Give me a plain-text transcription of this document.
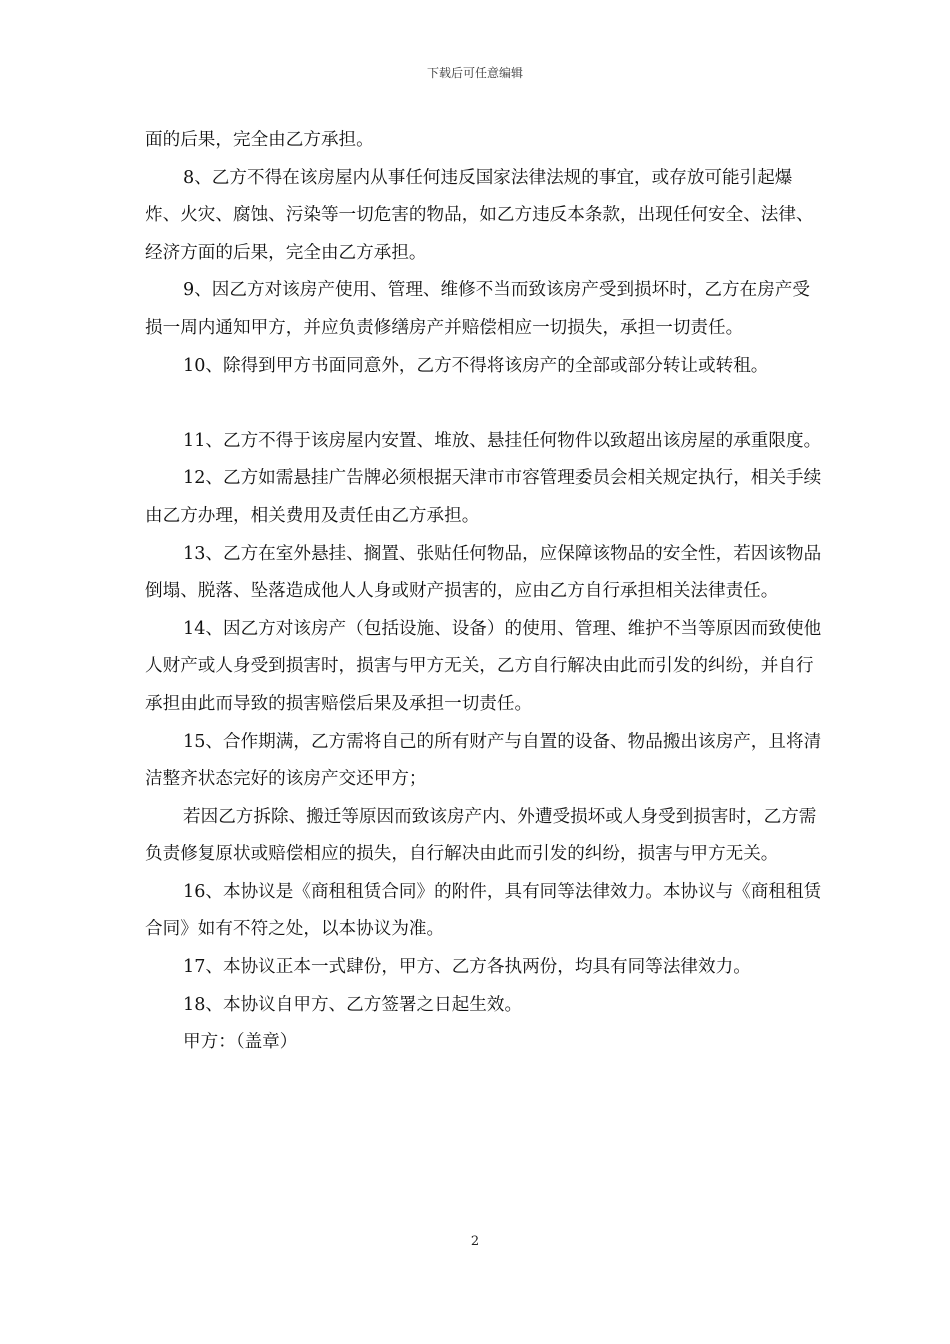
下载后可任意编辑

面的后果，完全由乙方承担。

8、乙方不得在该房屋内从事任何违反国家法律法规的事宜，或存放可能引起爆炸、火灾、腐蚀、污染等一切危害的物品，如乙方违反本条款，出现任何安全、法律、经济方面的后果，完全由乙方承担。

9、因乙方对该房产使用、管理、维修不当而致该房产受到损坏时，乙方在房产受损一周内通知甲方，并应负责修缮房产并赔偿相应一切损失，承担一切责任。

10、除得到甲方书面同意外，乙方不得将该房产的全部或部分转让或转租。

11、乙方不得于该房屋内安置、堆放、悬挂任何物件以致超出该房屋的承重限度。

12、乙方如需悬挂广告牌必须根据天津市市容管理委员会相关规定执行，相关手续由乙方办理，相关费用及责任由乙方承担。

13、乙方在室外悬挂、搁置、张贴任何物品，应保障该物品的安全性，若因该物品倒塌、脱落、坠落造成他人人身或财产损害的，应由乙方自行承担相关法律责任。

14、因乙方对该房产（包括设施、设备）的使用、管理、维护不当等原因而致使他人财产或人身受到损害时，损害与甲方无关，乙方自行解决由此而引发的纠纷，并自行承担由此而导致的损害赔偿后果及承担一切责任。

15、合作期满，乙方需将自己的所有财产与自置的设备、物品搬出该房产，且将清洁整齐状态完好的该房产交还甲方；

若因乙方拆除、搬迁等原因而致该房产内、外遭受损坏或人身受到损害时，乙方需负责修复原状或赔偿相应的损失，自行解决由此而引发的纠纷，损害与甲方无关。

16、本协议是《商租租赁合同》的附件，具有同等法律效力。本协议与《商租租赁合同》如有不符之处，以本协议为准。

17、本协议正本一式肆份，甲方、乙方各执两份，均具有同等法律效力。

18、本协议自甲方、乙方签署之日起生效。

甲方：（盖章）

2
